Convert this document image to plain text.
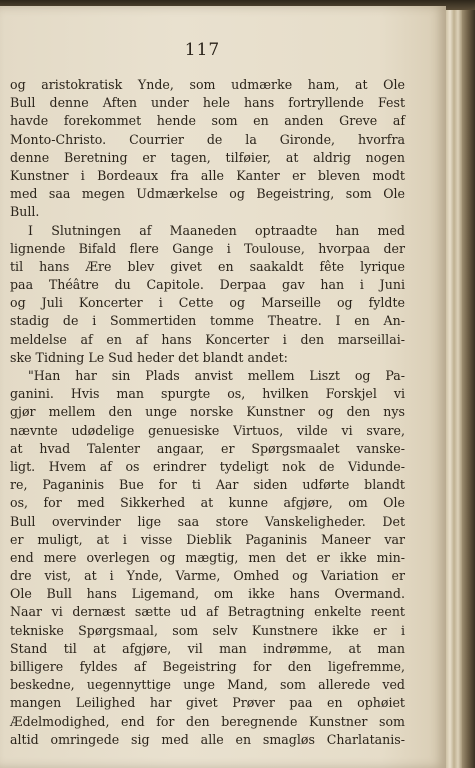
117
og aristokratisk Ynde, som udmærke ham, at Ole
Bull denne Aften under hele hans fortryllende Fest
havde forekommet hende som en anden Greve af
Monto-Christo. Courrier de la Gironde, hvorfra
denne Beretning er tagen, tilføier, at aldrig nogen
Kunstner i Bordeaux fra alle Kanter er bleven modt
med saa megen Udmærkelse og Begeistring, som Ole
Bull.
I Slutningen af Maaneden optraadte han med
lignende Bifald flere Gange i Toulouse, hvorpaa der
til hans Ære blev givet en saakaldt fête lyrique
paa Théâtre du Capitole. Derpaa gav han i Juni
og Juli Koncerter i Cette og Marseille og fyldte
stadig de i Sommertiden tomme Theatre. I en An-
meldelse af en af hans Koncerter i den marseillai-
ske Tidning Le Sud heder det blandt andet:
"Han har sin Plads anvist mellem Liszt og Pa-
ganini. Hvis man spurgte os, hvilken Forskjel vi
gjør mellem den unge norske Kunstner og den nys
nævnte udødelige genuesiske Virtuos, vilde vi svare,
at hvad Talenter angaar, er Spørgsmaalet vanske-
ligt. Hvem af os erindrer tydeligt nok de Vidunde-
re, Paganinis Bue for ti Aar siden udførte blandt
os, for med Sikkerhed at kunne afgjøre, om Ole
Bull overvinder lige saa store Vanskeligheder. Det
er muligt, at i visse Dieblik Paganinis Maneer var
end mere overlegen og mægtig, men det er ikke min-
dre vist, at i Ynde, Varme, Omhed og Variation er
Ole Bull hans Ligemand, om ikke hans Overmand.
Naar vi dernæst sætte ud af Betragtning enkelte reent
tekniske Spørgsmaal, som selv Kunstnere ikke er i
Stand til at afgjøre, vil man indrømme, at man
billigere fyldes af Begeistring for den ligefremme,
beskedne, uegennyttige unge Mand, som allerede ved
mangen Leilighed har givet Prøver paa en ophøiet
Ædelmodighed, end for den beregnende Kunstner som
altid omringede sig med alle en smagløs Charlatanis-
